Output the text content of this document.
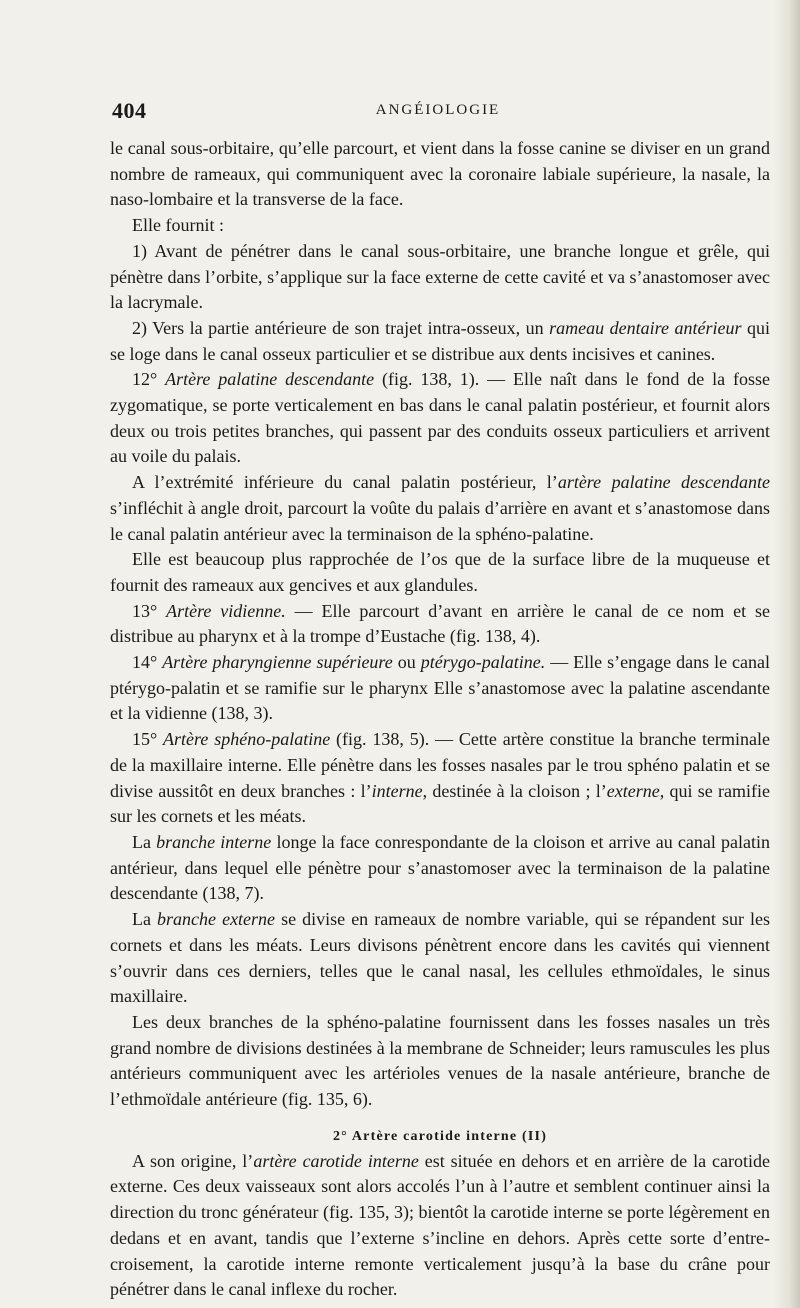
404	ANGÉIOLOGIE

le canal sous-orbitaire, qu’elle parcourt, et vient dans la fosse canine se diviser en un grand nombre de rameaux, qui communiquent avec la coronaire labiale supérieure, la nasale, la naso-lombaire et la transverse de la face.

Elle fournit :

1) Avant de pénétrer dans le canal sous-orbitaire, une branche longue et grêle, qui pénètre dans l’orbite, s’applique sur la face externe de cette cavité et va s’anastomoser avec la lacrymale.

2) Vers la partie antérieure de son trajet intra-osseux, un rameau dentaire antérieur qui se loge dans le canal osseux particulier et se distribue aux dents incisives et canines.

12° Artère palatine descendante (fig. 138, 1). — Elle naît dans le fond de la fosse zygomatique, se porte verticalement en bas dans le canal palatin postérieur, et fournit alors deux ou trois petites branches, qui passent par des conduits osseux particuliers et arrivent au voile du palais.

A l’extrémité inférieure du canal palatin postérieur, l’artère palatine descendante s’infléchit à angle droit, parcourt la voûte du palais d’arrière en avant et s’anastomose dans le canal palatin antérieur avec la terminaison de la sphéno-palatine.

Elle est beaucoup plus rapprochée de l’os que de la surface libre de la muqueuse et fournit des rameaux aux gencives et aux glandules.

13° Artère vidienne. — Elle parcourt d’avant en arrière le canal de ce nom et se distribue au pharynx et à la trompe d’Eustache (fig. 138, 4).

14° Artère pharyngienne supérieure ou ptérygo-palatine. — Elle s’engage dans le canal ptérygo-palatin et se ramifie sur le pharynx Elle s’anastomose avec la palatine ascendante et la vidienne (138, 3).

15° Artère sphéno-palatine (fig. 138, 5). — Cette artère constitue la branche terminale de la maxillaire interne. Elle pénètre dans les fosses nasales par le trou sphéno palatin et se divise aussitôt en deux branches : l’interne, destinée à la cloison ; l’externe, qui se ramifie sur les cornets et les méats.

La branche interne longe la face conrespondante de la cloison et arrive au canal palatin antérieur, dans lequel elle pénètre pour s’anastomoser avec la terminaison de la palatine descendante (138, 7).

La branche externe se divise en rameaux de nombre variable, qui se répandent sur les cornets et dans les méats. Leurs divisons pénètrent encore dans les cavités qui viennent s’ouvrir dans ces derniers, telles que le canal nasal, les cellules ethmoïdales, le sinus maxillaire.

Les deux branches de la sphéno-palatine fournissent dans les fosses nasales un très grand nombre de divisions destinées à la membrane de Schneider; leurs ramuscules les plus antérieurs communiquent avec les artérioles venues de la nasale antérieure, branche de l’ethmoïdale antérieure (fig. 135, 6).

2° Artère carotide interne (II)

A son origine, l’artère carotide interne est située en dehors et en arrière de la carotide externe. Ces deux vaisseaux sont alors accolés l’un à l’autre et semblent continuer ainsi la direction du tronc générateur (fig. 135, 3); bientôt la carotide interne se porte légèrement en dedans et en avant, tandis que l’externe s’incline en dehors. Après cette sorte d’entre-croisement, la carotide interne remonte verticalement jusqu’à la base du crâne pour pénétrer dans le canal inflexe du rocher.
